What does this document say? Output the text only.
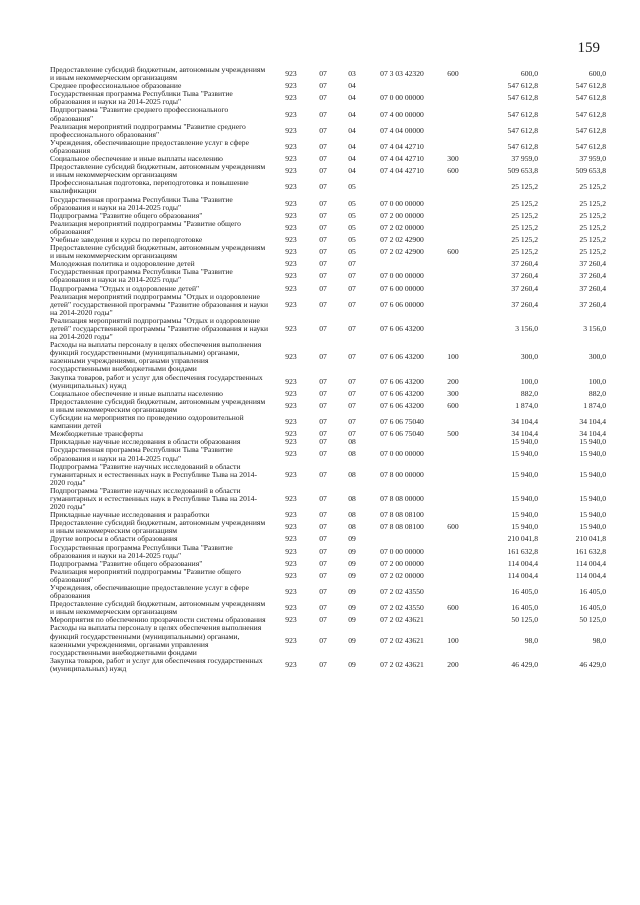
159
Предоставление субсидий бюджетным, автономным учреждениям и иным некоммерческим организациям	923	07	03	07 3 03 42320	600	600,0	600,0
Среднее профессиональное образование	923	07	04			547 612,8	547 612,8
Государственная программа Республики Тыва "Развитие образования и науки на 2014-2025 годы"	923	07	04	07 0 00 00000		547 612,8	547 612,8
Подпрограмма "Развитие среднего профессионального образования"	923	07	04	07 4 00 00000		547 612,8	547 612,8
Реализация мероприятий подпрограммы "Развитие среднего профессионального образования"	923	07	04	07 4 04 00000		547 612,8	547 612,8
Учреждения, обеспечивающие предоставление услуг в сфере образования	923	07	04	07 4 04 42710		547 612,8	547 612,8
Социальное обеспечение и иные выплаты населению	923	07	04	07 4 04 42710	300	37 959,0	37 959,0
Предоставление субсидий бюджетным, автономным учреждениям и иным некоммерческим организациям	923	07	04	07 4 04 42710	600	509 653,8	509 653,8
Профессиональная подготовка, переподготовка и повышение квалификации	923	07	05			25 125,2	25 125,2
Государственная программа Республики Тыва "Развитие образования и науки на 2014-2025 годы"	923	07	05	07 0 00 00000		25 125,2	25 125,2
Подпрограмма "Развитие общего образования"	923	07	05	07 2 00 00000		25 125,2	25 125,2
Реализация мероприятий подпрограммы "Развитие общего образования"	923	07	05	07 2 02 00000		25 125,2	25 125,2
Учебные заведения и курсы по переподготовке	923	07	05	07 2 02 42900		25 125,2	25 125,2
Предоставление субсидий бюджетным, автономным учреждениям и иным некоммерческим организациям	923	07	05	07 2 02 42900	600	25 125,2	25 125,2
Молодежная политика и оздоровление детей	923	07	07			37 260,4	37 260,4
Государственная программа Республики Тыва "Развитие образования и науки на 2014-2025 годы"	923	07	07	07 0 00 00000		37 260,4	37 260,4
Подпрограмма "Отдых и оздоровление детей"	923	07	07	07 6 00 00000		37 260,4	37 260,4
Реализация мероприятий подпрограммы "Отдых и оздоровление детей" государственной программы "Развитие образования и науки на 2014-2020 годы"	923	07	07	07 6 06 00000		37 260,4	37 260,4
Реализация мероприятий подпрограммы "Отдых и оздоровление детей" государственной программы "Развитие образования и науки на 2014-2020 годы"	923	07	07	07 6 06 43200		3 156,0	3 156,0
Расходы на выплаты персоналу в целях обеспечения выполнения функций государственными (муниципальными) органами, казенными учреждениями, органами управления государственными внебюджетными фондами	923	07	07	07 6 06 43200	100	300,0	300,0
Закупка товаров, работ и услуг для обеспечения государственных (муниципальных) нужд	923	07	07	07 6 06 43200	200	100,0	100,0
Социальное обеспечение и иные выплаты населению	923	07	07	07 6 06 43200	300	882,0	882,0
Предоставление субсидий бюджетным, автономным учреждениям и иным некоммерческим организациям	923	07	07	07 6 06 43200	600	1 874,0	1 874,0
Субсидии на мероприятия по проведению оздоровительной кампании детей	923	07	07	07 6 06 75040		34 104,4	34 104,4
Межбюджетные трансферты	923	07	07	07 6 06 75040	500	34 104,4	34 104,4
Прикладные научные исследования в области образования	923	07	08			15 940,0	15 940,0
Государственная программа Республики Тыва "Развитие образования и науки на 2014-2025 годы"	923	07	08	07 0 00 00000		15 940,0	15 940,0
Подпрограмма "Развитие научных исследований в области гуманитарных и естественных наук в Республике Тыва на 2014-2020 годы"	923	07	08	07 8 00 00000		15 940,0	15 940,0
Подпрограмма "Развитие научных исследований в области гуманитарных и естественных наук в Республике Тыва на 2014-2020 годы"	923	07	08	07 8 08 00000		15 940,0	15 940,0
Прикладные научные исследования и разработки	923	07	08	07 8 08 08100		15 940,0	15 940,0
Предоставление субсидий бюджетным, автономным учреждениям и иным некоммерческим организациям	923	07	08	07 8 08 08100	600	15 940,0	15 940,0
Другие вопросы в области образования	923	07	09			210 041,8	210 041,8
Государственная программа Республики Тыва "Развитие образования и науки на 2014-2025 годы"	923	07	09	07 0 00 00000		161 632,8	161 632,8
Подпрограмма "Развитие общего образования"	923	07	09	07 2 00 00000		114 004,4	114 004,4
Реализация мероприятий подпрограммы "Развитие общего образования"	923	07	09	07 2 02 00000		114 004,4	114 004,4
Учреждения, обеспечивающие предоставление услуг в сфере образования	923	07	09	07 2 02 43550		16 405,0	16 405,0
Предоставление субсидий бюджетным, автономным учреждениям и иным некоммерческим организациям	923	07	09	07 2 02 43550	600	16 405,0	16 405,0
Мероприятия по обеспечению прозрачности системы образования	923	07	09	07 2 02 43621		50 125,0	50 125,0
Расходы на выплаты персоналу в целях обеспечения выполнения функций государственными (муниципальными) органами, казенными учреждениями, органами управления государственными внебюджетными фондами	923	07	09	07 2 02 43621	100	98,0	98,0
Закупка товаров, работ и услуг для обеспечения государственных (муниципальных) нужд	923	07	09	07 2 02 43621	200	46 429,0	46 429,0
